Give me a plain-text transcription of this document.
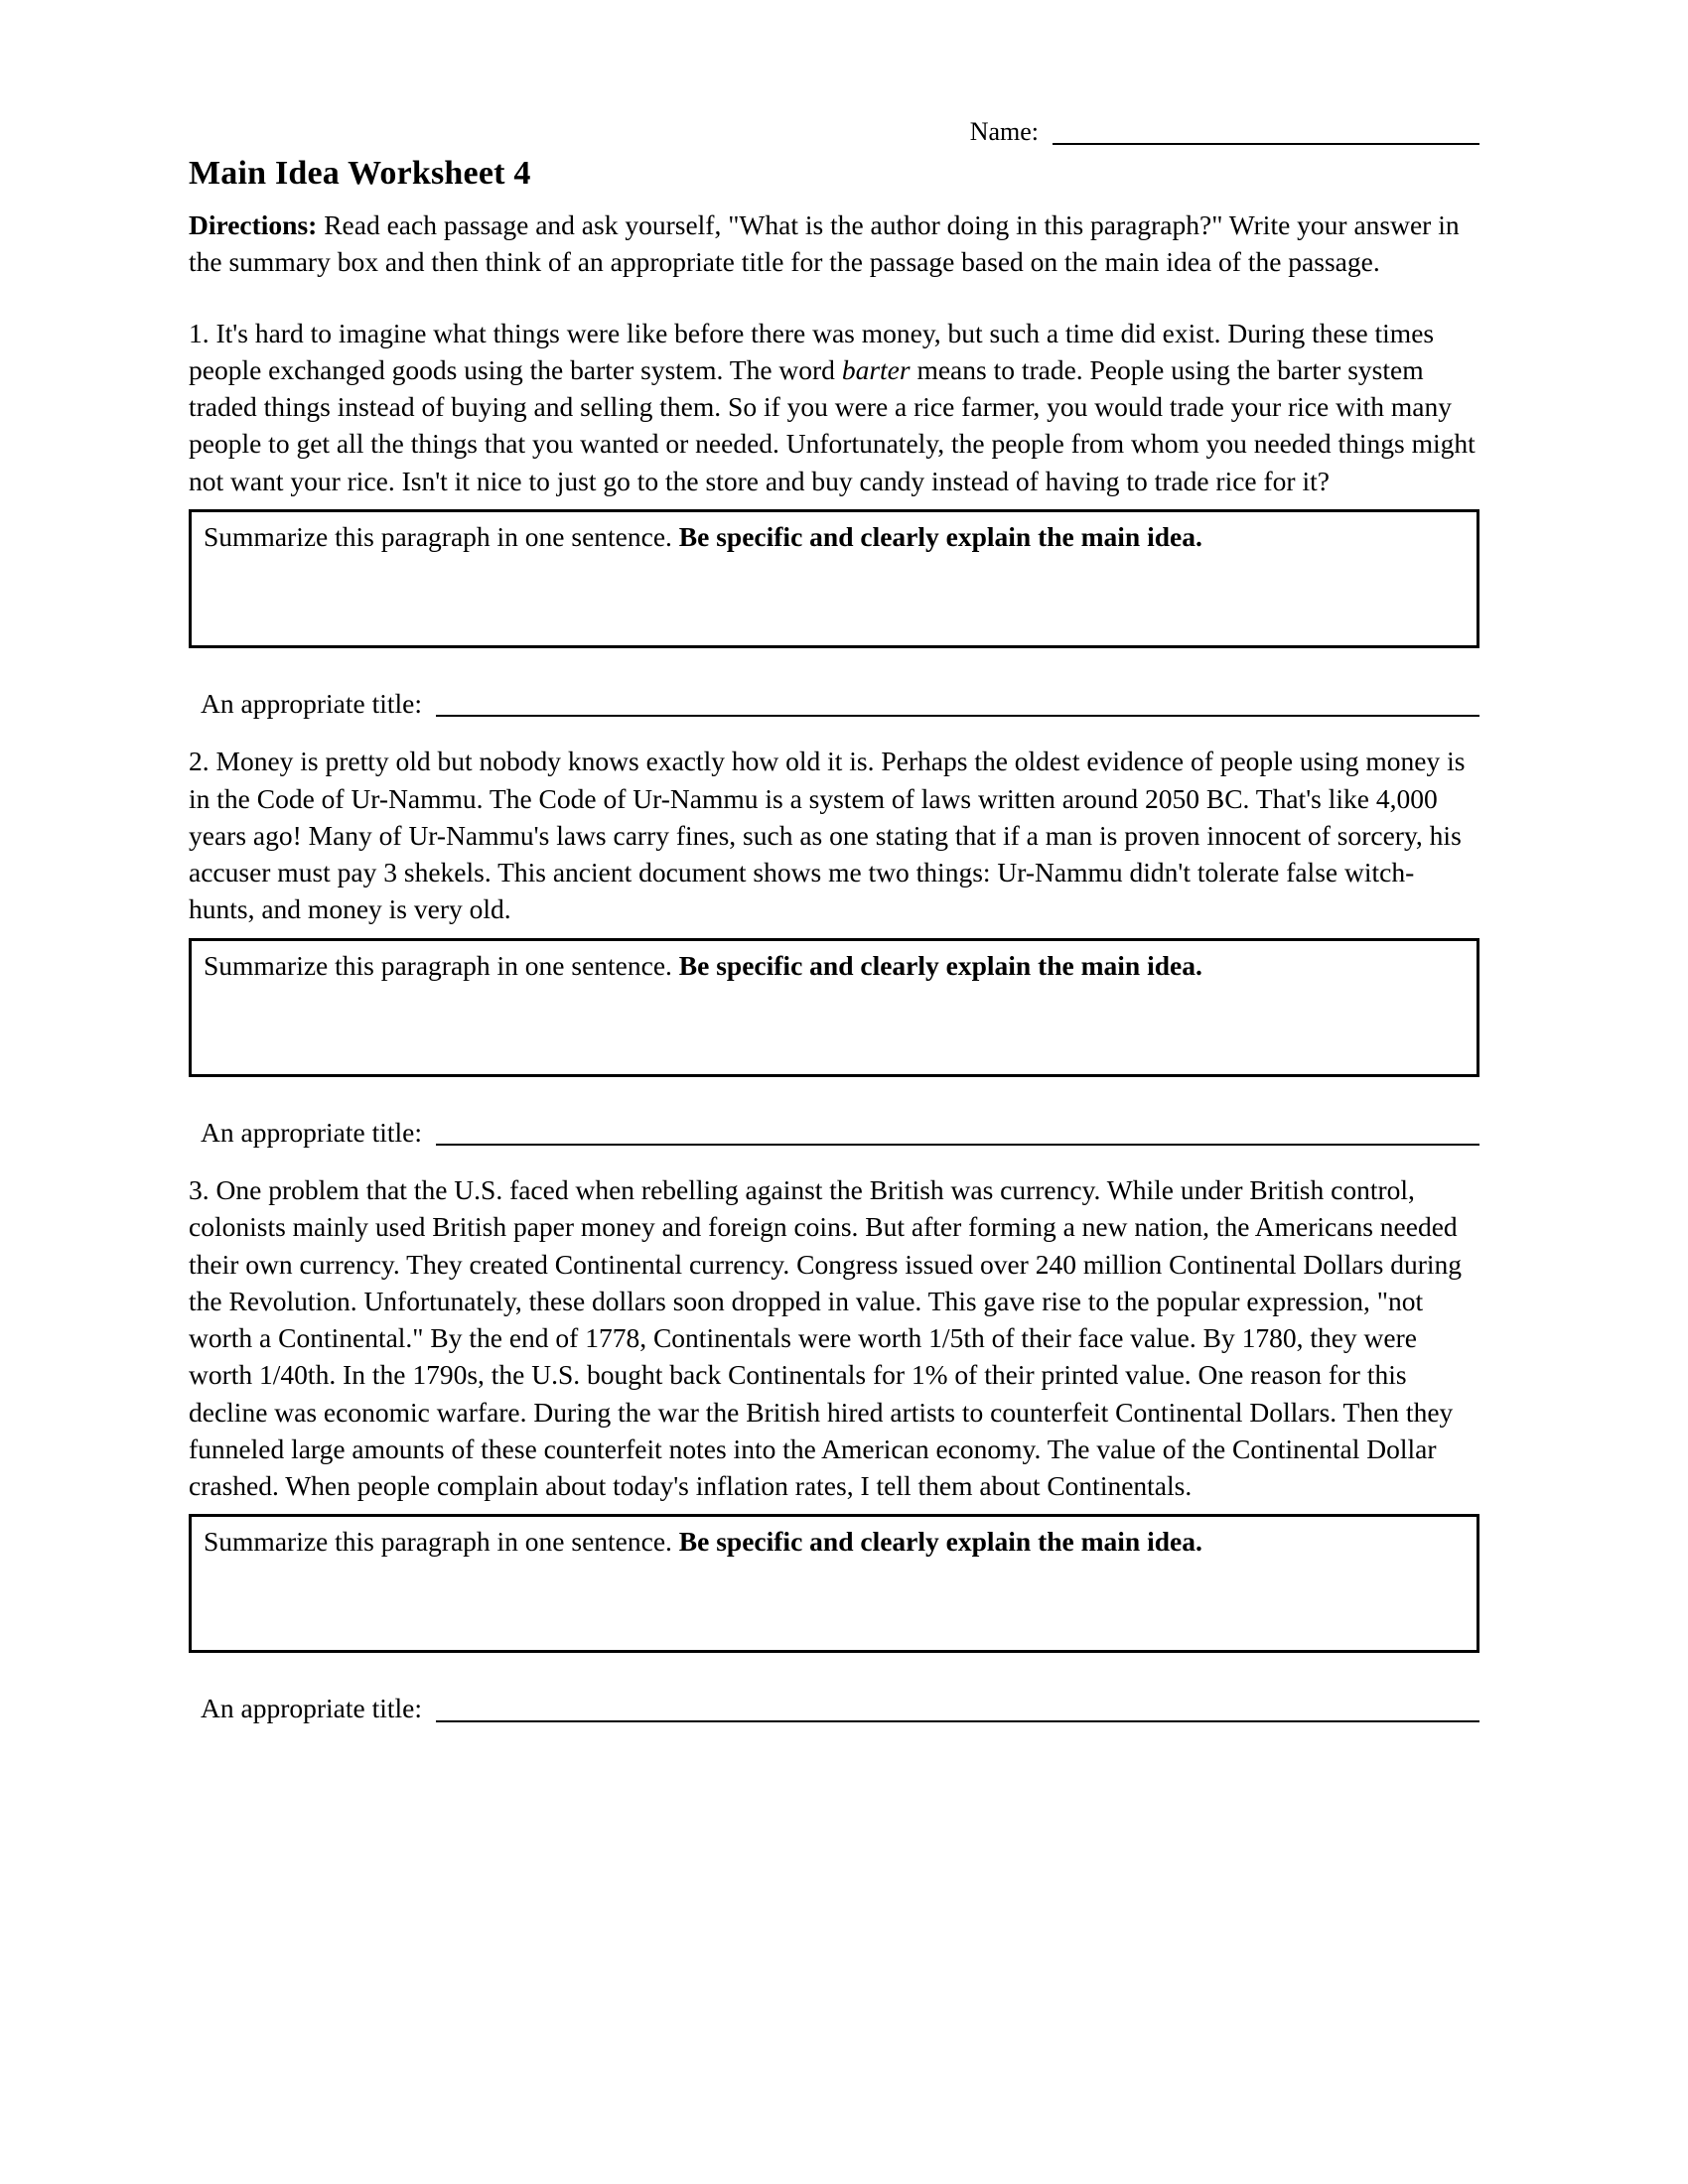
Name:
Main Idea Worksheet 4

Directions: Read each passage and ask yourself, "What is the author doing in this paragraph?" Write your answer in the summary box and then think of an appropriate title for the passage based on the main idea of the passage.

1. It's hard to imagine what things were like before there was money, but such a time did exist. During these times people exchanged goods using the barter system. The word barter means to trade. People using the barter system traded things instead of buying and selling them. So if you were a rice farmer, you would trade your rice with many people to get all the things that you wanted or needed. Unfortunately, the people from whom you needed things might not want your rice. Isn't it nice to just go to the store and buy candy instead of having to trade rice for it?

Summarize this paragraph in one sentence. Be specific and clearly explain the main idea.
An appropriate title:

2. Money is pretty old but nobody knows exactly how old it is. Perhaps the oldest evidence of people using money is in the Code of Ur-Nammu. The Code of Ur-Nammu is a system of laws written around 2050 BC. That's like 4,000 years ago! Many of Ur-Nammu's laws carry fines, such as one stating that if a man is proven innocent of sorcery, his accuser must pay 3 shekels. This ancient document shows me two things: Ur-Nammu didn't tolerate false witch-hunts, and money is very old.

Summarize this paragraph in one sentence. Be specific and clearly explain the main idea.
An appropriate title:

3. One problem that the U.S. faced when rebelling against the British was currency. While under British control, colonists mainly used British paper money and foreign coins. But after forming a new nation, the Americans needed their own currency. They created Continental currency. Congress issued over 240 million Continental Dollars during the Revolution. Unfortunately, these dollars soon dropped in value. This gave rise to the popular expression, "not worth a Continental." By the end of 1778, Continentals were worth 1/5th of their face value. By 1780, they were worth 1/40th. In the 1790s, the U.S. bought back Continentals for 1% of their printed value. One reason for this decline was economic warfare. During the war the British hired artists to counterfeit Continental Dollars. Then they funneled large amounts of these counterfeit notes into the American economy. The value of the Continental Dollar crashed. When people complain about today's inflation rates, I tell them about Continentals.

Summarize this paragraph in one sentence. Be specific and clearly explain the main idea.
An appropriate title:
